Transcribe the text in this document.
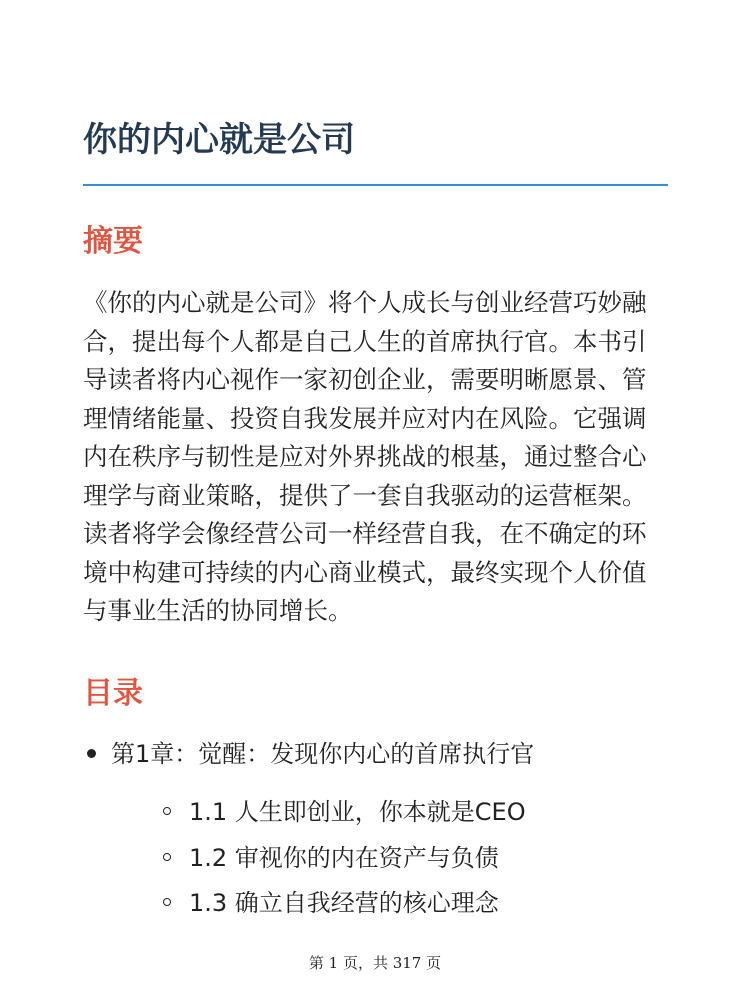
你的内心就是公司
摘要

《你的内心就是公司》将个人成长与创业经营巧妙融合，提出每个人都是自己人生的首席执行官。本书引导读者将内心视作一家初创企业，需要明晰愿景、管理情绪能量、投资自我发展并应对内在风险。它强调内在秩序与韧性是应对外界挑战的根基，通过整合心理学与商业策略，提供了一套自我驱动的运营框架。读者将学会像经营公司一样经营自我，在不确定的环境中构建可持续的内心商业模式，最终实现个人价值与事业生活的协同增长。

目录
第1章：觉醒：发现你内心的首席执行官
1.1 人生即创业，你本就是CEO
1.2 审视你的内在资产与负债
1.3 确立自我经营的核心理念
第 1 页，共 317 页
